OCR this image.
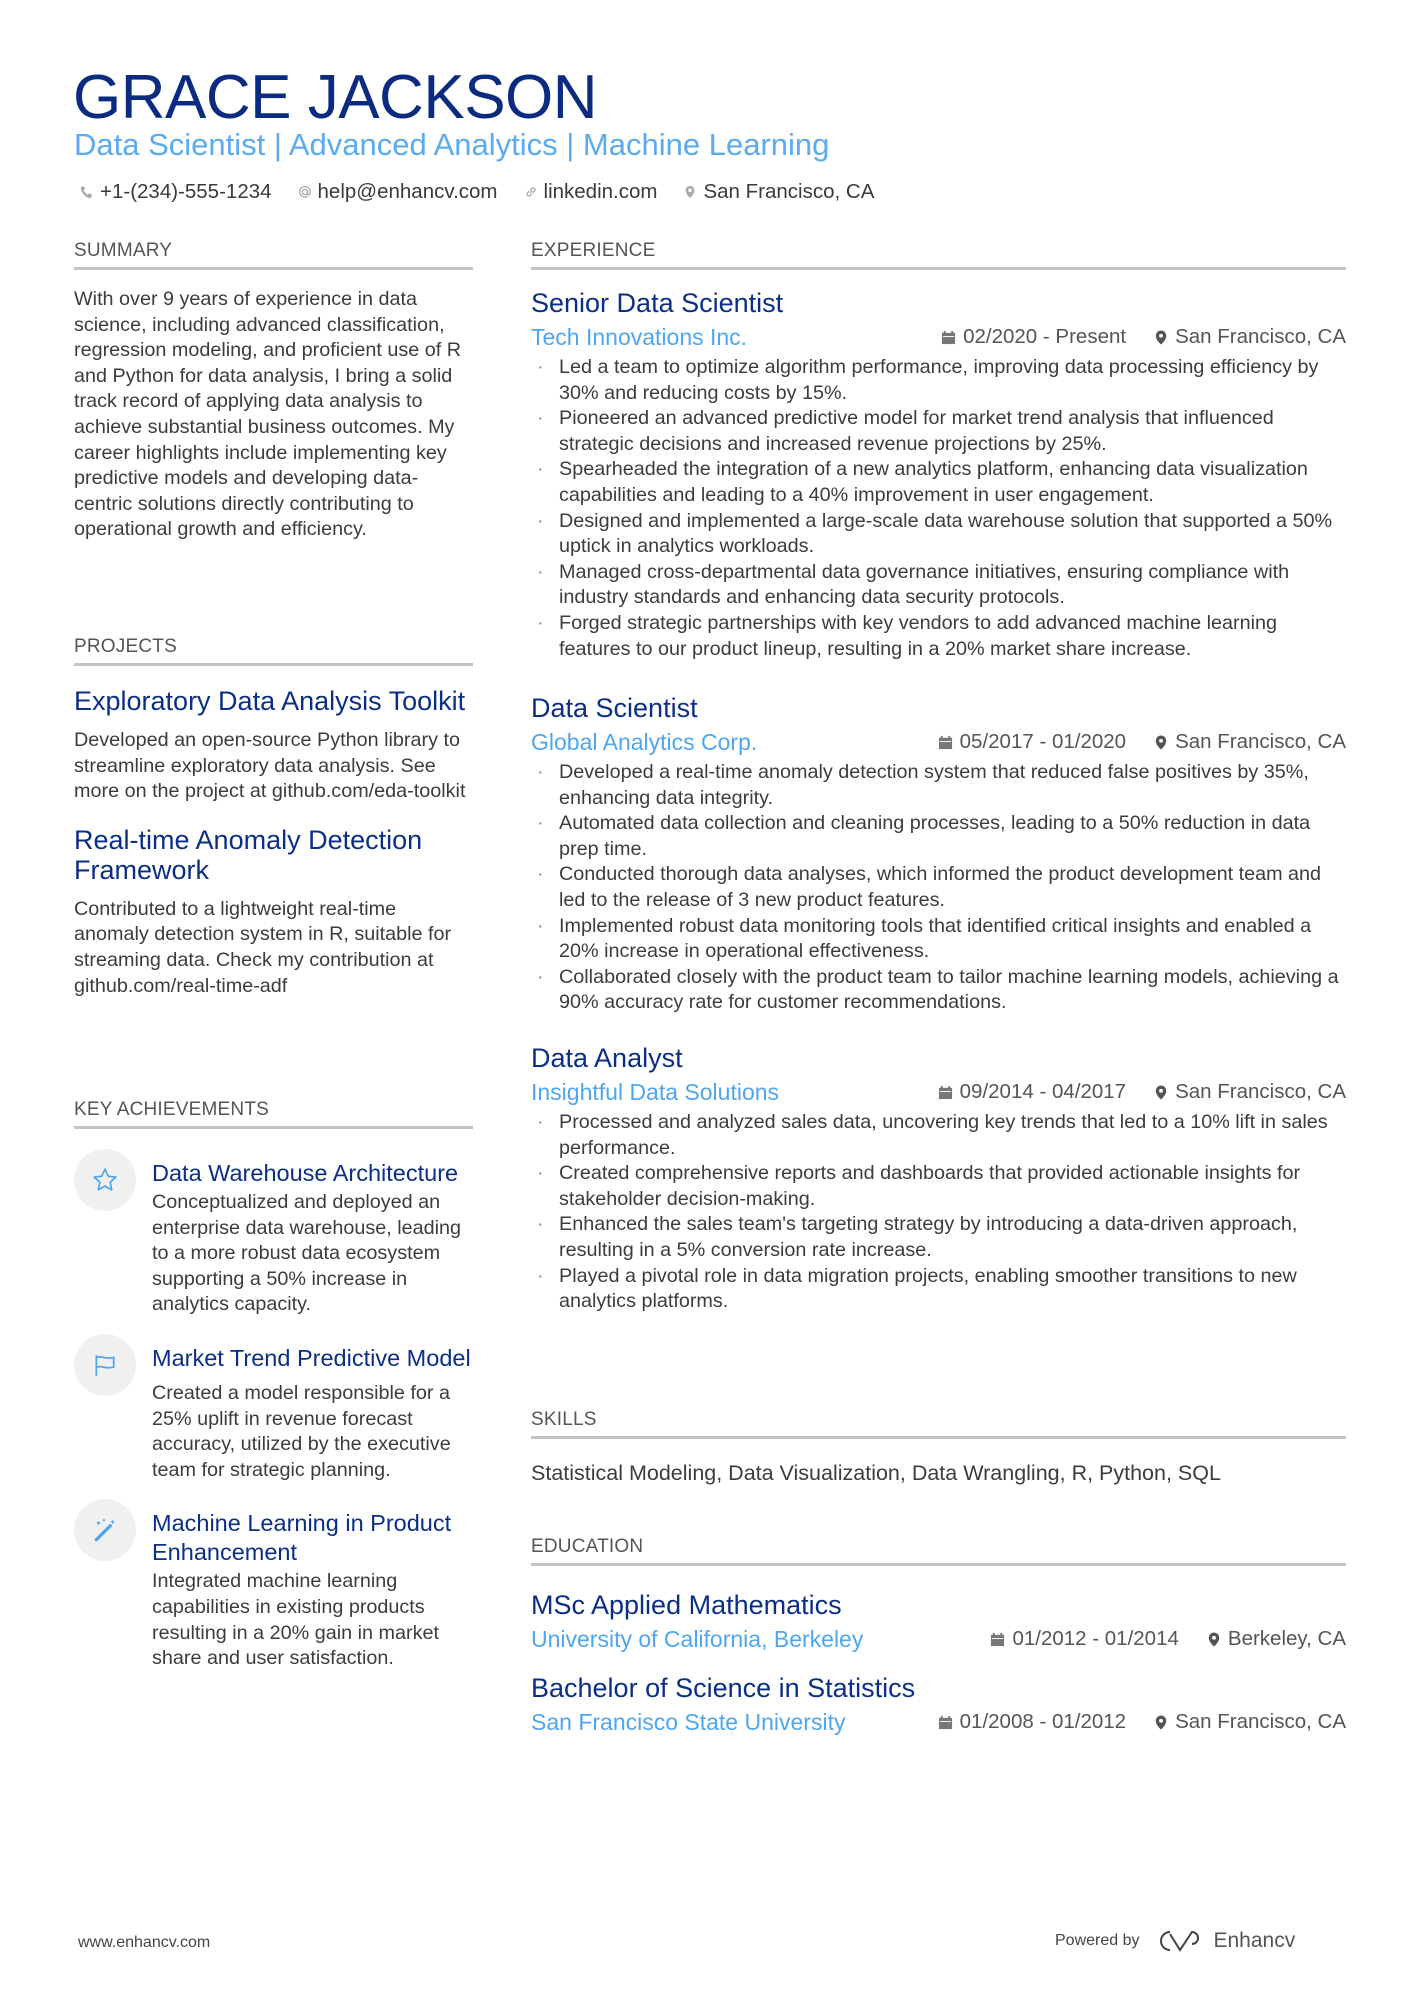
GRACE JACKSON
Data Scientist | Advanced Analytics | Machine Learning
+1-(234)-555-1234 help@enhancv.com linkedin.com San Francisco, CA
SUMMARY
With over 9 years of experience in data science, including advanced classification, regression modeling, and proficient use of R and Python for data analysis, I bring a solid track record of applying data analysis to achieve substantial business outcomes. My career highlights include implementing key predictive models and developing data-centric solutions directly contributing to operational growth and efficiency.
PROJECTS
Exploratory Data Analysis Toolkit
Developed an open-source Python library to streamline exploratory data analysis. See more on the project at github.com/eda-toolkit
Real-time Anomaly Detection Framework
Contributed to a lightweight real-time anomaly detection system in R, suitable for streaming data. Check my contribution at github.com/real-time-adf
KEY ACHIEVEMENTS
Data Warehouse Architecture
Conceptualized and deployed an enterprise data warehouse, leading to a more robust data ecosystem supporting a 50% increase in analytics capacity.
Market Trend Predictive Model
Created a model responsible for a 25% uplift in revenue forecast accuracy, utilized by the executive team for strategic planning.
Machine Learning in Product Enhancement
Integrated machine learning capabilities in existing products resulting in a 20% gain in market share and user satisfaction.
EXPERIENCE
Senior Data Scientist
Tech Innovations Inc.	02/2020 - Present San Francisco, CA
· Led a team to optimize algorithm performance, improving data processing efficiency by 30% and reducing costs by 15%.
· Pioneered an advanced predictive model for market trend analysis that influenced strategic decisions and increased revenue projections by 25%.
· Spearheaded the integration of a new analytics platform, enhancing data visualization capabilities and leading to a 40% improvement in user engagement.
· Designed and implemented a large-scale data warehouse solution that supported a 50% uptick in analytics workloads.
· Managed cross-departmental data governance initiatives, ensuring compliance with industry standards and enhancing data security protocols.
· Forged strategic partnerships with key vendors to add advanced machine learning features to our product lineup, resulting in a 20% market share increase.
Data Scientist
Global Analytics Corp.	05/2017 - 01/2020 San Francisco, CA
· Developed a real-time anomaly detection system that reduced false positives by 35%, enhancing data integrity.
· Automated data collection and cleaning processes, leading to a 50% reduction in data prep time.
· Conducted thorough data analyses, which informed the product development team and led to the release of 3 new product features.
· Implemented robust data monitoring tools that identified critical insights and enabled a 20% increase in operational effectiveness.
· Collaborated closely with the product team to tailor machine learning models, achieving a 90% accuracy rate for customer recommendations.
Data Analyst
Insightful Data Solutions	09/2014 - 04/2017 San Francisco, CA
· Processed and analyzed sales data, uncovering key trends that led to a 10% lift in sales performance.
· Created comprehensive reports and dashboards that provided actionable insights for stakeholder decision-making.
· Enhanced the sales team's targeting strategy by introducing a data-driven approach, resulting in a 5% conversion rate increase.
· Played a pivotal role in data migration projects, enabling smoother transitions to new analytics platforms.
SKILLS
Statistical Modeling, Data Visualization, Data Wrangling, R, Python, SQL
EDUCATION
MSc Applied Mathematics
University of California, Berkeley	01/2012 - 01/2014 Berkeley, CA
Bachelor of Science in Statistics
San Francisco State University	01/2008 - 01/2012 San Francisco, CA
www.enhancv.com	Powered by	Enhancv
